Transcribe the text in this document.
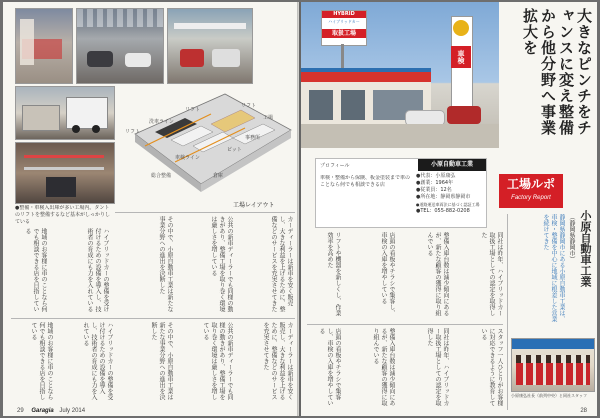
●整備・車検入出庫が多い工場内。タントのリフトを整備するなど基本がしっかりしている
洗車ライン
リフト
リフト
リフト
工場
事務所
ピット
車検ライン
倉庫
総合整備
工場レイアウト
カーディーラーは新車を安く販売し、大きな利益を上げるために、整備などのサービスを充実させてきた
公共の新車ディーラーでも同様の動きがあり、整備工場を取り巻く環境は厳しさを増している
その中で、小原自動車工業は新たな事業分野への進出を決断した
ハイブリッドカーの整備を受け付けるための設備を導入し、技術者の育成にも力を入れている
地域のお客様に車のことなら何でも相談できる店を目指している
カーディーラーは新車を安く販売し、大きな利益を上げるために、整備などのサービスを充実させてきた
公共の新車ディーラーでも同様の動きがあり、整備工場を取り巻く環境は厳しさを増している
その中で、小原自動車工業は新たな事業分野への進出を決断した
ハイブリッドカーの整備を受け付けるための設備を導入し、技術者の育成にも力を入れている
地域のお客様に車のことなら何でも相談できる店を目指している
29 Garagia July 2014
HYBRID
ハイブリッドカー
取扱工場
車検	大きなピンチをチャンスに変え整備から他分野へ事業拡大を
小原自動車工業
プロフィール
●代表：小原康弘
●創業：1964年
●従業員：12名
●所在地：静岡県静岡市
●道路運送車両法に基づく認証工場
●TEL：055-882-0208
車検・整備から保険、板金塗装まで車のことなら何でも相談できる店	工場ルポ
Factory Report
小原自動車工業
（静岡県静岡市）
静岡県静岡市にある小原自動車工業は、車検・整備を中心に地域に根差した営業を続けてきた
同社は昨年、ハイブリッドカー取扱工場としての認定を取得した
整備入庫台数は減少傾向にあるが、新たな顧客の獲得に取り組んでいる
店頭の看板やチラシで集客し、車検の入庫を増やしている
リフトや機器を新しくし、作業効率を高めた
スタッフ一人ひとりがお客様に対応できるように教育している
同社は昨年、ハイブリッドカー取扱工場としての認定を取得した
整備入庫台数は減少傾向にあるが、新たな顧客の獲得に取り組んでいる
店頭の看板やチラシで集客し、車検の入庫を増やしている
小原康弘社長（前列中央）と同社スタッフ
28
